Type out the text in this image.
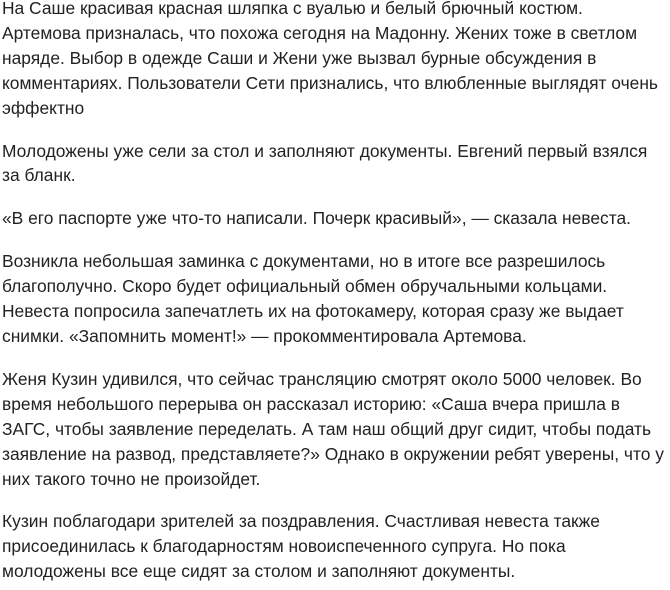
На Саше красивая красная шляпка с вуалью и белый брючный костюм. Артемова призналась, что похожа сегодня на Мадонну. Жених тоже в светлом наряде. Выбор в одежде Саши и Жени уже вызвал бурные обсуждения в комментариях. Пользователи Сети признались, что влюбленные выглядят очень эффектно

Молодожены уже сели за стол и заполняют документы. Евгений первый взялся за бланк.

«В его паспорте уже что-то написали. Почерк красивый», — сказала невеста.

Возникла небольшая заминка с документами, но в итоге все разрешилось благополучно. Скоро будет официальный обмен обручальными кольцами. Невеста попросила запечатлеть их на фотокамеру, которая сразу же выдает снимки. «Запомнить момент!» — прокомментировала Артемова.

Женя Кузин удивился, что сейчас трансляцию смотрят около 5000 человек. Во время небольшого перерыва он рассказал историю: «Саша вчера пришла в ЗАГС, чтобы заявление переделать. А там наш общий друг сидит, чтобы подать заявление на развод, представляете?» Однако в окружении ребят уверены, что у них такого точно не произойдет.

Кузин поблагодари зрителей за поздравления. Счастливая невеста также присоединилась к благодарностям новоиспеченного супруга. Но пока молодожены все еще сидят за столом и заполняют документы.
